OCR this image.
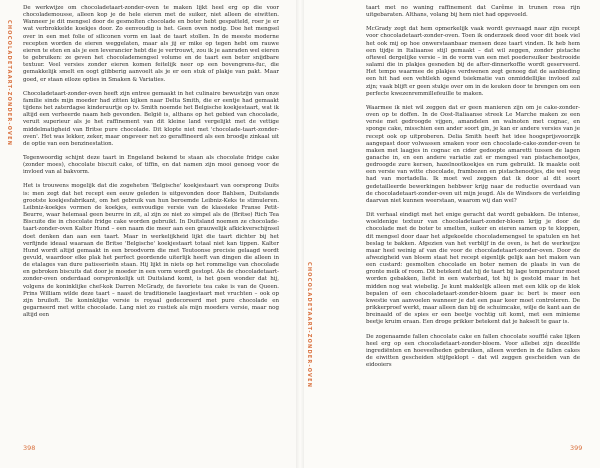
CHOCOLADETAART-ZONDER-OVEN

De werkwijze om chocoladetaart-zonder-oven te maken lijkt heel erg op die voor chocolademousse, alleen kop je de hele eieren met de suiker, niet alleen de eiwitten. Wanneer je dit mengsel door de gesmolten chocolade en boter hebt gespatteld, roer je er wat verbrokkelde koekjes door. Zo eenvoudig is het. Geen oven nodig. Doe het mengsel over in een met folie of siliconen vorm en laat de taart stollen. In de meeste moderne recepten worden de eieren weggelaten, maar als jij er mike op tegen hebt om rauwe eieren te eten en als je een leverancier hebt die je vertrouwt, zou ik je aanraden wel eieren te gebruiken: ze geven het chocolademengsel volume en de taart een beter snijdbare textuur. Veel versies zonder eieren komen feitelijk neer op een bovengrens-fuc, die gemakkelijk smelt en oogt glibberig aanvoelt als je er een stuk of plakje van pakt. Maar goed, er staan eiloze opties in Smaken & Variaties.

Chocoladetaart-zonder-oven heeft zijn entree gemaakt in het culinaire bewustzijn van onze familie sinds mijn moeder had zitten kijken naar Delta Smith, die er eentje had gemaakt tijdens het zaterdagse kinderuurtje op tv. Smith noemde het Belgische koekjestaart, wat ik altijd een verheerde naam heb gevonden. België is, althans op het gebied van chocolade, veruit superieur als je het raffinement van dit kleine land vergelijkt met de vettige middelmatigheid van Britse pure chocolade. Dit klopte niet met 'chocolade-taart-zonder-oven'. Het was lekker, zeker, maar ongeveer net zo geraffineerd als een broodje zinkaal uit de optie van een benzinestation.

Tegenwoordig schijnt deze taart in Engeland bekend te staan als chocolate fridge cake (zonder moes), chocolate biscuit cake, of tiffin, en dat namen zijn mooi genoeg voor de invloed van al bakvorm.

Het is trouwens mogelijk dat die zogeheten 'Belgische' koekjestaart van oorsprong Duits is: men zegt dat het recept een eeuw geleden is uitgevonden door Bahlsen, Duitslands grootste koekjesfabrikant, om het gebruik van hun beroemde Leibniz-Keks te stimuleren. Leibniz-koekjes vormen de koekjes, eenvoudige versie van de klassieke Franse Petit-Beurre, waar helemaal geen beurre in zit, al zijn ze niet zo simpel als de (Britse) Rich Tea Biscuite die in chocolate fridge cake worden gebruikt. In Duitsland noemen ze chocolade-taart-zonder-oven Kalter Hund – een naam die meer aan een grauwelijk afkickverschijnsel doet denken dan aan een taart. Maar in werkelijkheid lijkt die taart dichter bij het verfijnde ideaal waaraan de Britse 'Belgische' koekjestaart totaal niet kan tippen. Kalter Hund wordt altijd gemaakt in een broodvorm die met Teutoonse precisie gelaagd wordt gevuld, waardoor elke plak het perfect geordende uiterlijk heeft van dingen die alleen in de etalages van dure patisserieën staan. Hij lijkt in niets op het rommelige van chocolade en gebroken biscuits dat door je moeder in een vorm wordt gestopt. Als de chocoladetaart-zonder-oven onderdaad oorspronkelijk uit Duitsland komt, is het goen wonder dat hij, volgens de koninklijke chef-kok Darren McGrady, de favoriete tea cake is van de Queen. Prins William wilde deze taart – naast de traditionele laagjestaart met vruchten – ook op zijn bruiloft. De koninklijke versie is royaal gedecoreerd met pure chocolade en gegarneerd met witte chocolade. Lang niet zo rustiek als mijn moeders versie, maar nog altijd een

398
CHOCOLADETAART-ZONDER-OVEN

taart met no waning raffinement dat Carême in trunen rosa rijn uitgebaraten. Althans, volang bij hem niet had opgevoeld.

McGrady zegt dat hem opmerkelijk vaak wordt gevraagd naar zijn recept voor chocoladetaart-zonder-oven. Toen ik onderzoek deed voor dit boek viel het ook mij op hoe onwerstaanbaar mensen deze taart vinden. Ik heb hem een tijdje in Italiaanse stijl gemaakt – dat wil zeggen, zonder pistache oftewel dergelijke versie – in de vorm van een met poedersuiker bestrooide salami die in plakjes gesneden bij de after-dinnerkoffie wordt geserveerd. Het tempo waarmee de plakjes verdwenen zegt genoeg dat de aanbieding een hit had een vehtlekh ogend tsiekmatie van onmiddellijke invloed zal zijn; vaak blijft er geen stukje over om in de keuken door te brengen om een perfecte kwezenremmillefeuille te maken.

Waarmee ik niet wil zeggen dat er geen manieren zijn om je cake-zonder-oven op te doffen. In de Oost-Italiaanse streek Le Marche maken ze een versie met gedroogde vijgen, amandelen en walnoten met cognac, en sponge cake, misschien een ander soort gin, je kan er andere versies van je recept ook op uitproberen. Delia Smith heeft het idee hoogsprijsvoorzijk aangepast door volwassen smaken voor een chocolade-cake-zonder-oven te maken met laagjes in cognac en cider gedoopte amaretti tussen de lagen ganache in, en een andere variatie zat er mengsel van pistachenootjes, gedroogde zure kersen, hazelnootkoekjes en rum gebruikt. Ik maakte ooit een versie van witte chocolade, frambozen en pistachenootjes, die wel weg had van mortadella. Ik moet wel zeggen dat ik door al dit soort gedetailleerde bewerkingen hebbwer krijg naar de reductie overdaad van de chocoladetaart-zonder-oven uit mijn jeugd. Als de Windsors de verleiding daarvan niet kunnen weerstaan, waarom wij dan wel?

Dit verhaal eindigt met het enige geracht dat wordt gebakken. De intense, woeldenige textuur van chocoladetaart-zonder-bloem krijg je door de chocolade met de boter te smelten, suiker en eieren samen op te kloppen, dit mengsel door daar het afgekoelde chocolademengsel te spatulen en het beslag te bakken. Afgezien van het verblijf in de oven, is het de werkwijze maar heel weinig af van die voor de chocoladetaart-zonder-oven. Door de afwezigheid van bloem staat het recept eigenlijk gelijk aan het maken van een custard: gesmolten chocolade en boter nemen de plaats in van de gronte melk of room. Dit betekent dat hij de taart bij lage temperatuur moet worden gebakken, liefst in een waterbad, tot hij is gestold maar in het midden nog wat wiebelig. Je kunt makkelijk alleen met een klik op de klok bepalen of een chocoladetaart-zonder-bloem gaar is: bert is meer een kwestie van aanvoelen wanneer je dat een paar keer moet controleren. De prikkerproef werkt, maar alleen dan bij de schuimcake, wilje de kant aan de breinaald of de spies er een beetje vochtig uit komt, met een minieme beetje kruim eraan. Een droge prikker betekent dat je hakselt te gaar is.

De zogenaamde fallen chocolate cake en fallen chocolate soufflé cake lijken heel erg op een chocoladetaart-zonder-bloem. Voor allebei zijn dezelfde ingrediënten en hoeveelheden gebruiken, alleen worden in de fallen cakes de eiwitten gescheiden stijfgeklopt – dat wil zeggen gescheiden van de eidooiers

399
